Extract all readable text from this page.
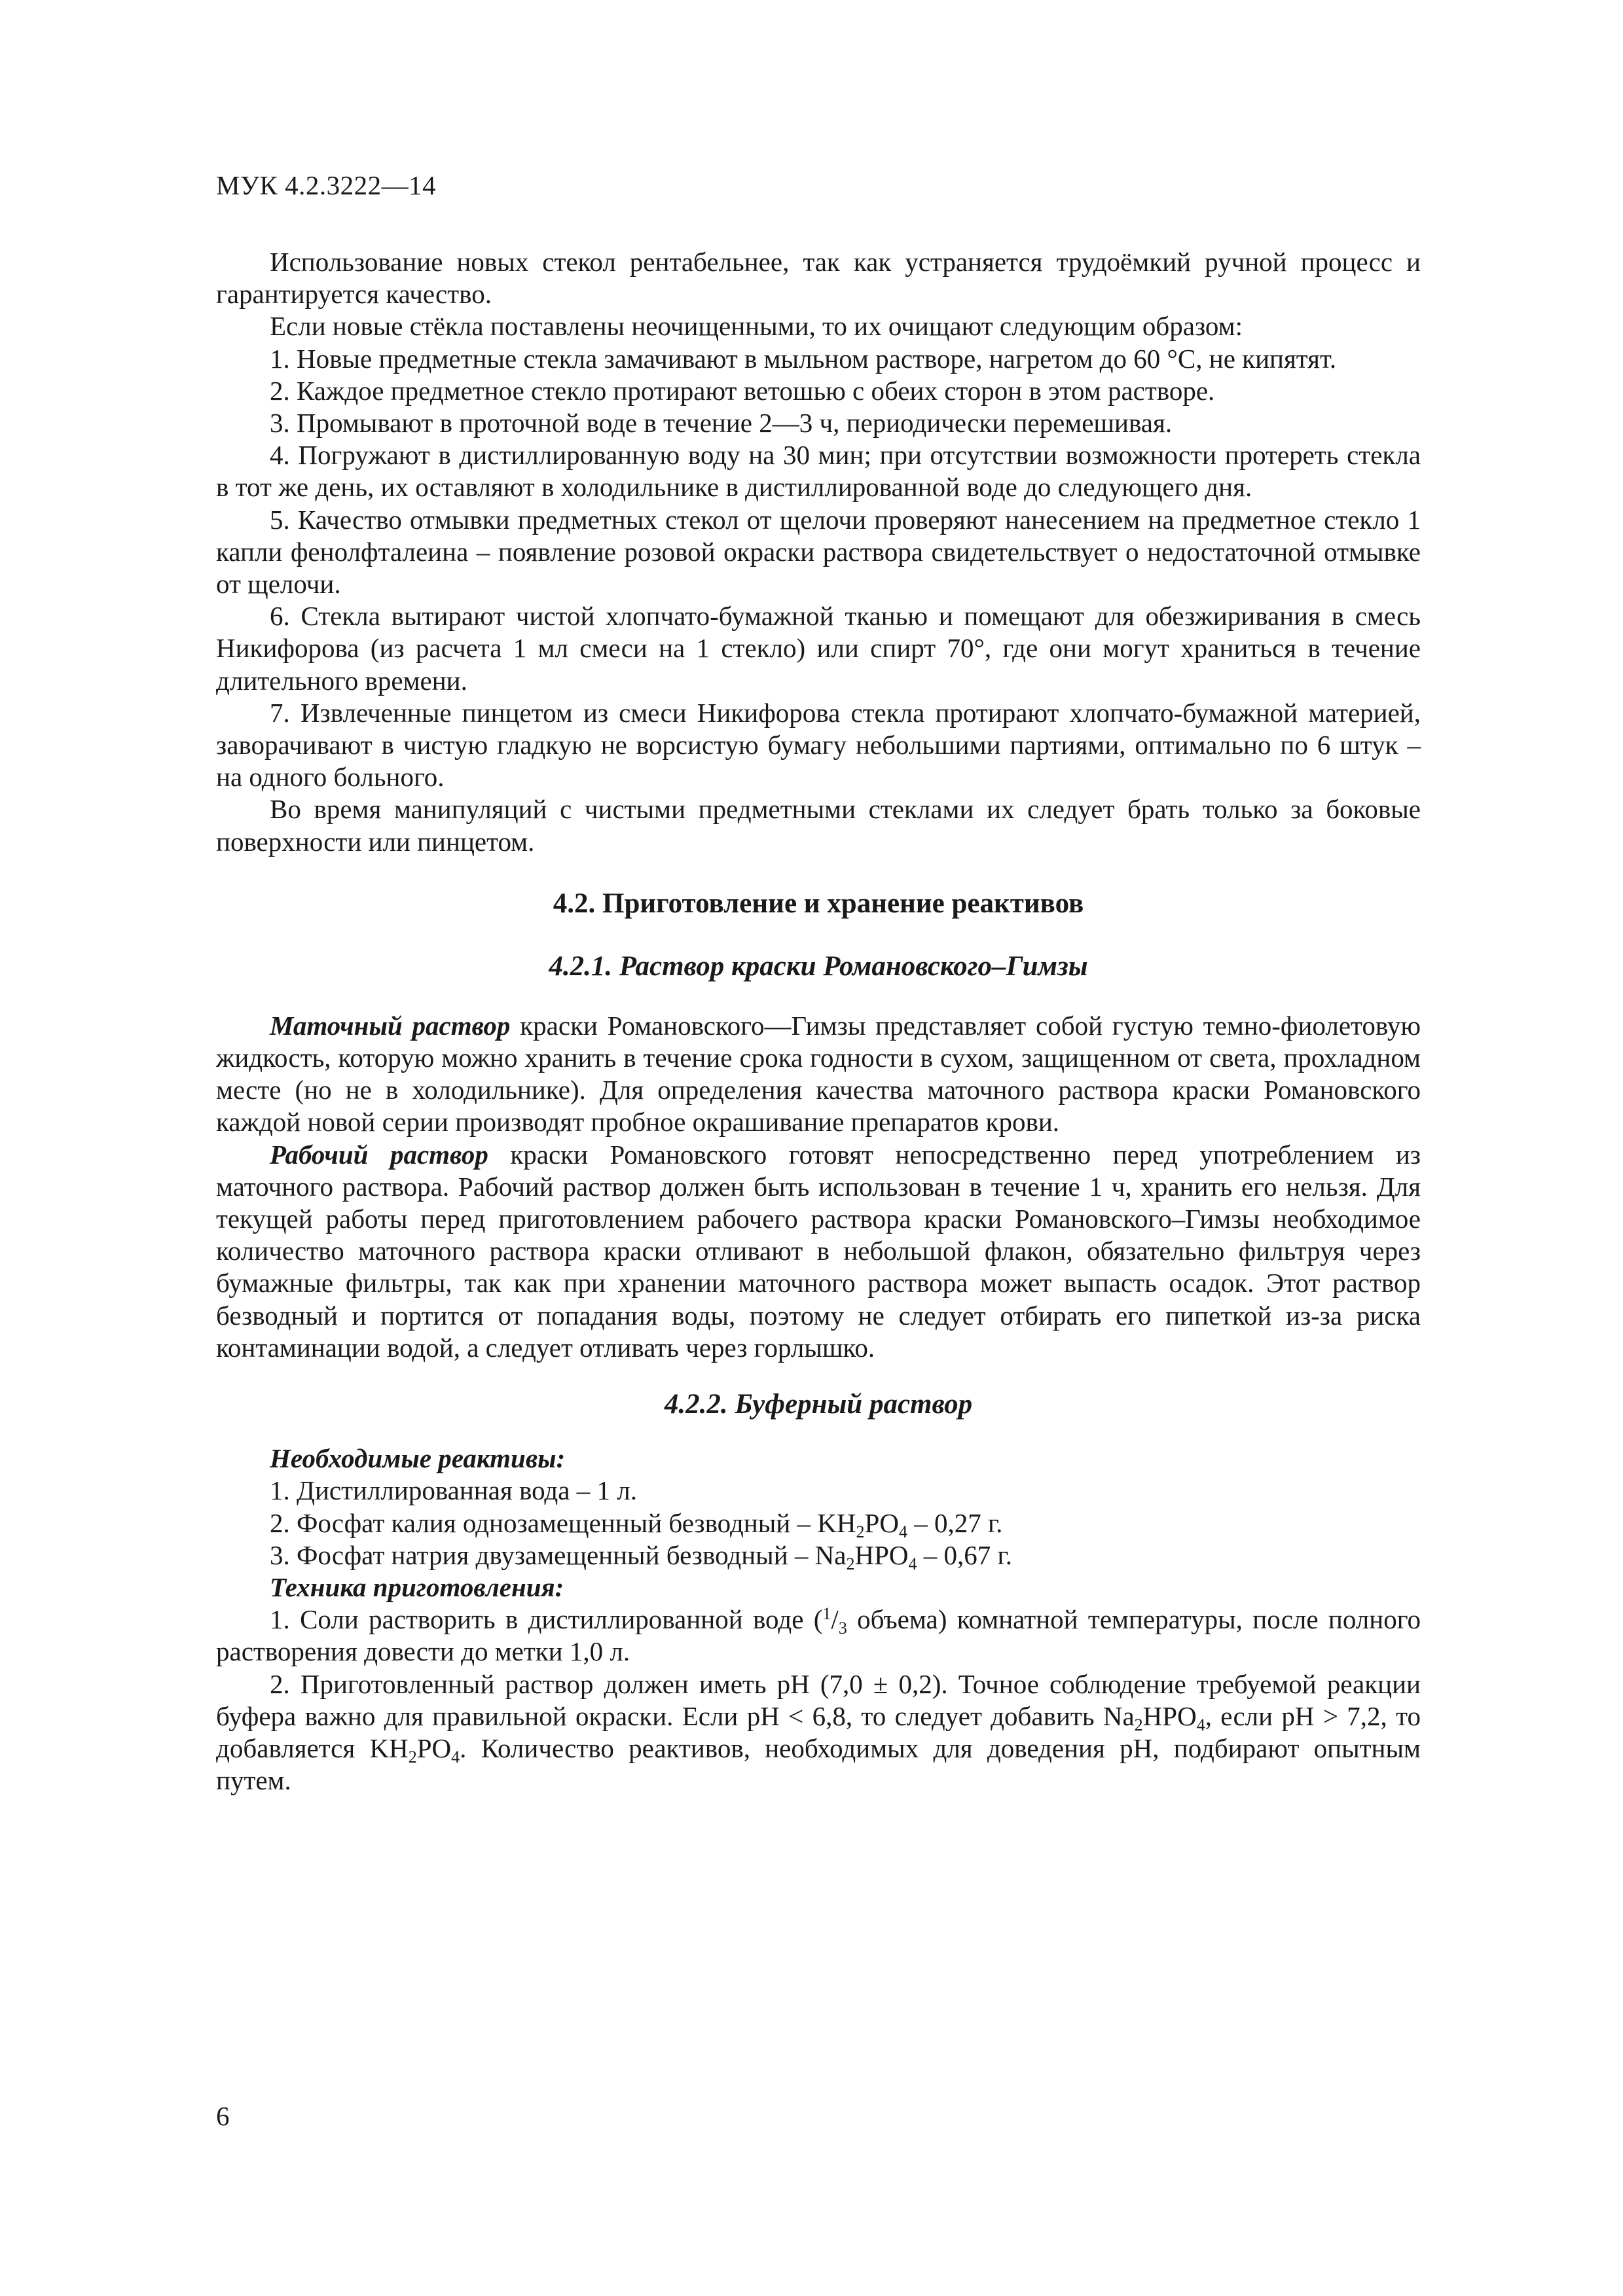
МУК 4.2.3222—14

Использование новых стекол рентабельнее, так как устраняется трудоёмкий ручной процесс и гарантируется качество.

Если новые стёкла поставлены неочищенными, то их очищают следующим образом:

1. Новые предметные стекла замачивают в мыльном растворе, нагретом до 60 °С, не кипятят.

2. Каждое предметное стекло протирают ветошью с обеих сторон в этом растворе.

3. Промывают в проточной воде в течение 2—3 ч, периодически перемешивая.

4. Погружают в дистиллированную воду на 30 мин; при отсутствии возможности протереть стекла в тот же день, их оставляют в холодильнике в дистиллированной воде до следующего дня.

5. Качество отмывки предметных стекол от щелочи проверяют нанесением на предметное стекло 1 капли фенолфталеина – появление розовой окраски раствора свидетельствует о недостаточной отмывке от щелочи.

6. Стекла вытирают чистой хлопчато-бумажной тканью и помещают для обезжиривания в смесь Никифорова (из расчета 1 мл смеси на 1 стекло) или спирт 70°, где они могут храниться в течение длительного времени.

7. Извлеченные пинцетом из смеси Никифорова стекла протирают хлопчато-бумажной материей, заворачивают в чистую гладкую не ворсистую бумагу небольшими партиями, оптимально по 6 штук – на одного больного.

Во время манипуляций с чистыми предметными стеклами их следует брать только за боковые поверхности или пинцетом.

4.2. Приготовление и хранение реактивов
4.2.1. Раствор краски Романовского–Гимзы

Маточный раствор краски Романовского—Гимзы представляет собой густую темно-фиолетовую жидкость, которую можно хранить в течение срока годности в сухом, защищенном от света, прохладном месте (но не в холодильнике). Для определения качества маточного раствора краски Романовского каждой новой серии производят пробное окрашивание препаратов крови.

Рабочий раствор краски Романовского готовят непосредственно перед употреблением из маточного раствора. Рабочий раствор должен быть использован в течение 1 ч, хранить его нельзя. Для текущей работы перед приготовлением рабочего раствора краски Романовского–Гимзы необходимое количество маточного раствора краски отливают в небольшой флакон, обязательно фильтруя через бумажные фильтры, так как при хранении маточного раствора может выпасть осадок. Этот раствор безводный и портится от попадания воды, поэтому не следует отбирать его пипеткой из-за риска контаминации водой, а следует отливать через горлышко.

4.2.2. Буферный раствор

Необходимые реактивы:

1. Дистиллированная вода – 1 л.

2. Фосфат калия однозамещенный безводный – $KH_2PO_4 - 0,27$ г.

3. Фосфат натрия двузамещенный безводный – $Na_2HPO_4 - 0,67$ г.

Техника приготовления:

1. Соли растворить в дистиллированной воде ($^1/_3$ объема) комнатной температуры, после полного растворения довести до метки 1,0 л.

2. Приготовленный раствор должен иметь pH (7,0 ± 0,2). Точное соблюдение требуемой реакции буфера важно для правильной окраски. Если pH < 6,8, то следует добавить $Na_2HPO_4$, если pH > 7,2, то добавляется $KH_2PO_4$. Количество реактивов, необходимых для доведения pH, подбирают опытным путем.

6
